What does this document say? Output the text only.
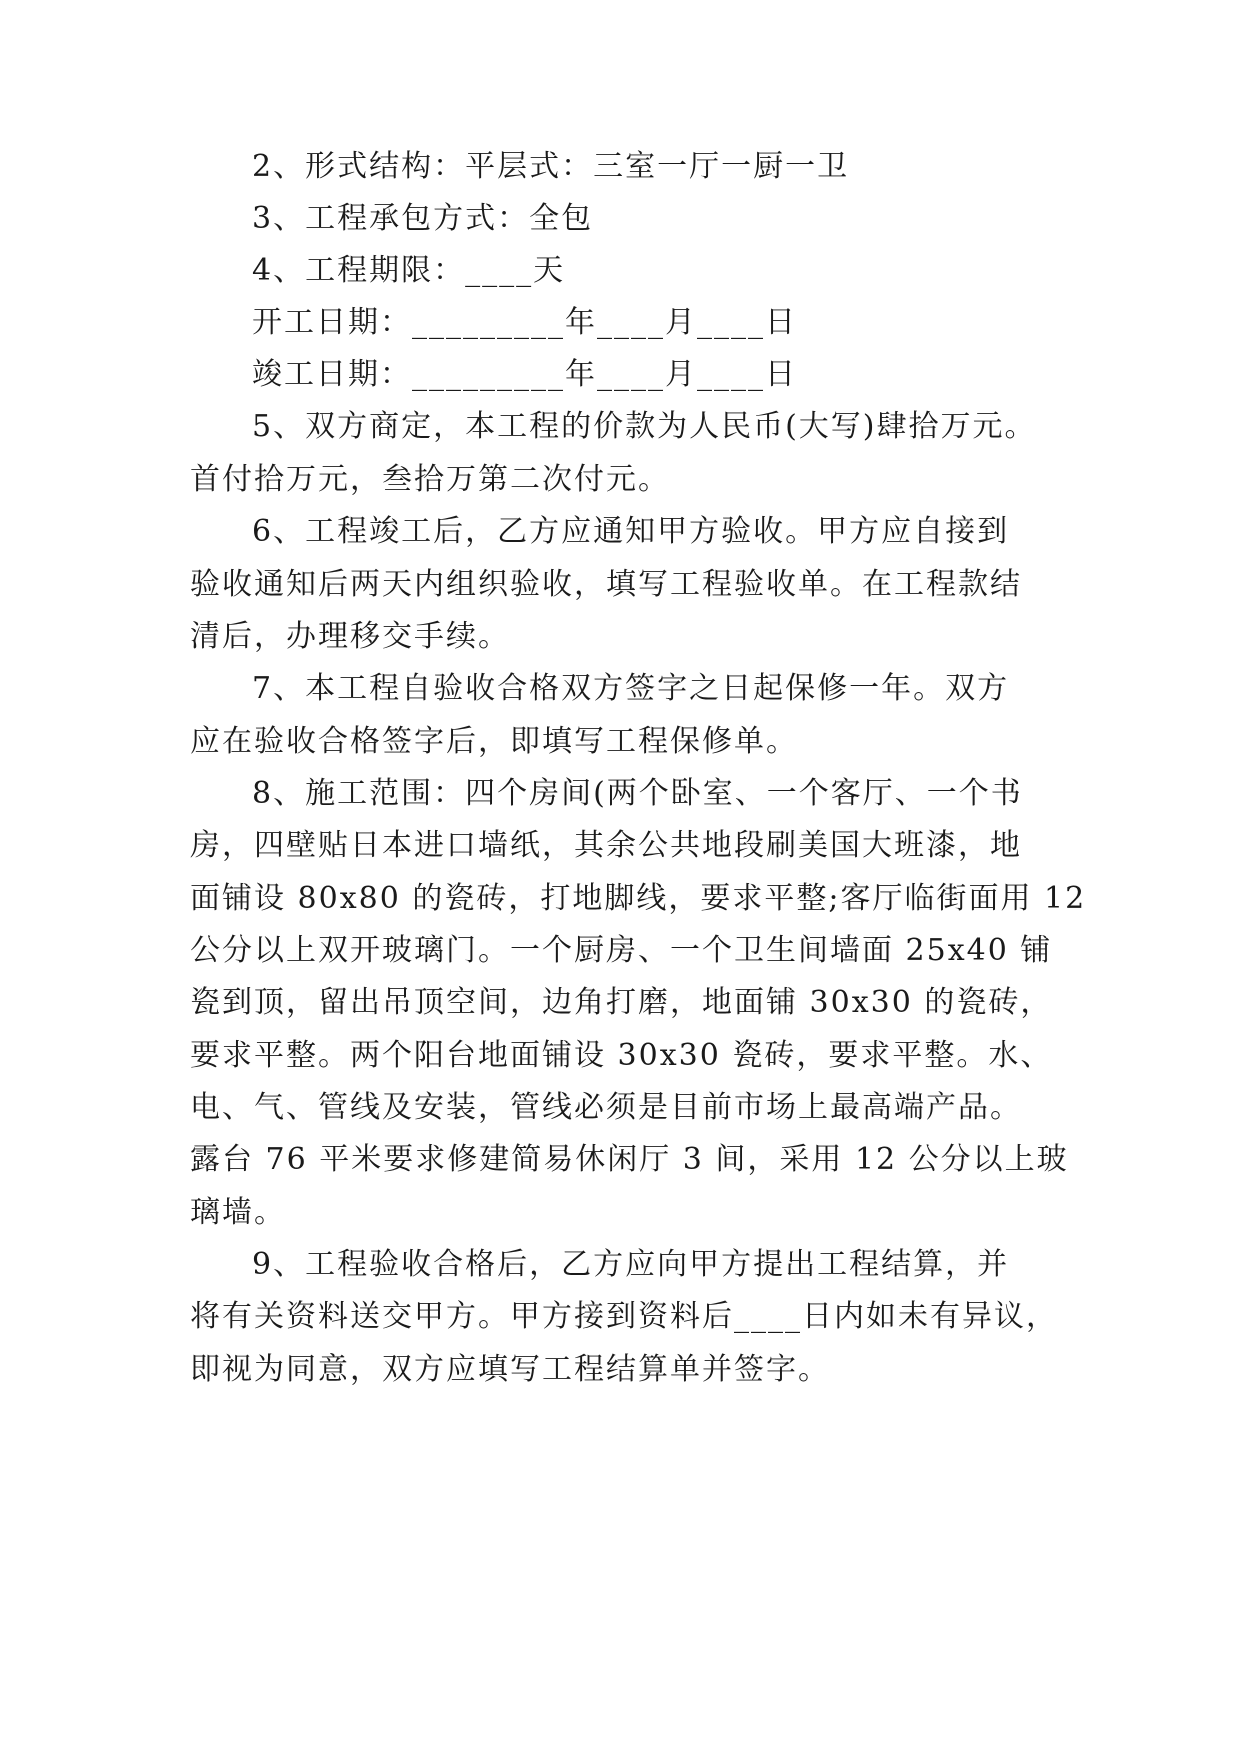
2、形式结构：平层式：三室一厅一厨一卫
3、工程承包方式：全包
4、工程期限：____天
开工日期：_________年____月____日
竣工日期：_________年____月____日
5、双方商定，本工程的价款为人民币(大写)肆拾万元。
首付拾万元，叁拾万第二次付元。
6、工程竣工后，乙方应通知甲方验收。甲方应自接到
验收通知后两天内组织验收，填写工程验收单。在工程款结
清后，办理移交手续。
7、本工程自验收合格双方签字之日起保修一年。双方
应在验收合格签字后，即填写工程保修单。
8、施工范围：四个房间(两个卧室、一个客厅、一个书
房，四壁贴日本进口墙纸，其余公共地段刷美国大班漆，地
面铺设 80x80 的瓷砖，打地脚线，要求平整;客厅临街面用 12
公分以上双开玻璃门。一个厨房、一个卫生间墙面 25x40 铺
瓷到顶，留出吊顶空间，边角打磨，地面铺 30x30 的瓷砖，
要求平整。两个阳台地面铺设 30x30 瓷砖，要求平整。水、
电、气、管线及安装，管线必须是目前市场上最高端产品。
露台 76 平米要求修建简易休闲厅 3 间，采用 12 公分以上玻
璃墙。
9、工程验收合格后，乙方应向甲方提出工程结算，并
将有关资料送交甲方。甲方接到资料后____日内如未有异议，
即视为同意，双方应填写工程结算单并签字。
